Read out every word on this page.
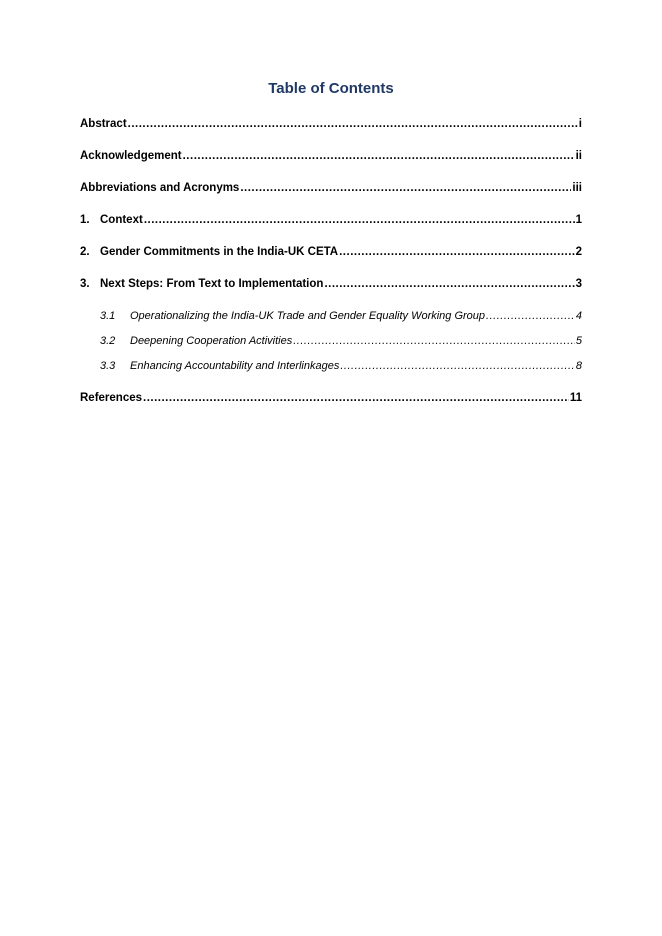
Table of Contents
Abstract .....	i
Acknowledgement .....	ii
Abbreviations and Acronyms .....	iii
1. Context .....	1
2. Gender Commitments in the India-UK CETA .....	2
3. Next Steps: From Text to Implementation .....	3
3.1	Operationalizing the India-UK Trade and Gender Equality Working Group .....	4
3.2	Deepening Cooperation Activities .....	5
3.3	Enhancing Accountability and Interlinkages .....	8
References .....	11
